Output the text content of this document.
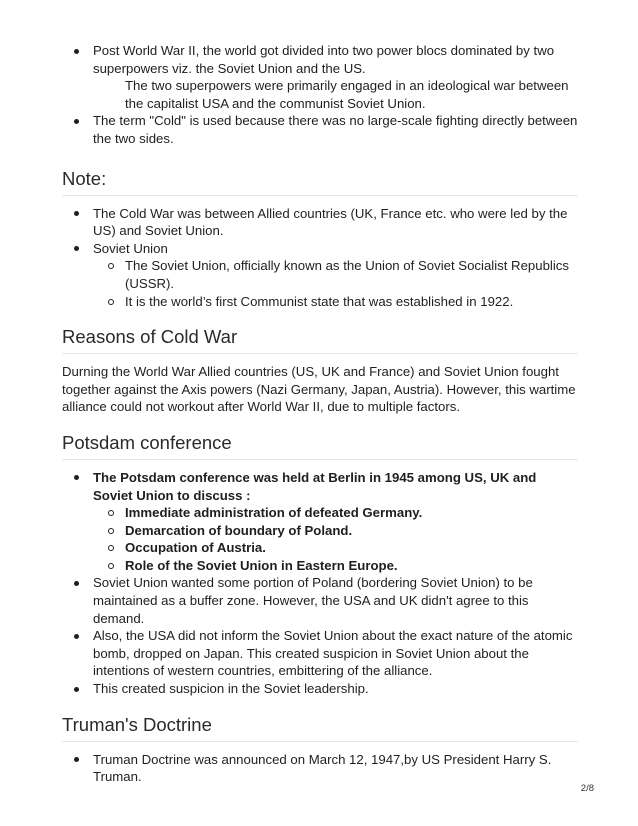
Post World War II, the world got divided into two power blocs dominated by two superpowers viz. the Soviet Union and the US.
The two superpowers were primarily engaged in an ideological war between the capitalist USA and the communist Soviet Union.
The term "Cold" is used because there was no large-scale fighting directly between the two sides.
Note:
The Cold War was between Allied countries (UK, France etc. who were led by the US) and Soviet Union.
Soviet Union
The Soviet Union, officially known as the Union of Soviet Socialist Republics (USSR).
It is the world’s first Communist state that was established in 1922.
Reasons of Cold War

Durning the World War Allied countries (US, UK and France) and Soviet Union fought together against the Axis powers (Nazi Germany, Japan, Austria). However, this wartime alliance could not workout after World War II, due to multiple factors.

Potsdam conference
The Potsdam conference was held at Berlin in 1945 among US, UK and Soviet Union to discuss :
Immediate administration of defeated Germany.
Demarcation of boundary of Poland.
Occupation of Austria.
Role of the Soviet Union in Eastern Europe.
Soviet Union wanted some portion of Poland (bordering Soviet Union) to be maintained as a buffer zone. However, the USA and UK didn't agree to this demand.
Also, the USA did not inform the Soviet Union about the exact nature of the atomic bomb, dropped on Japan. This created suspicion in Soviet Union about the intentions of western countries, embittering of the alliance.
This created suspicion in the Soviet leadership.
Truman's Doctrine
Truman Doctrine was announced on March 12, 1947,by US President Harry S. Truman.
2/8
